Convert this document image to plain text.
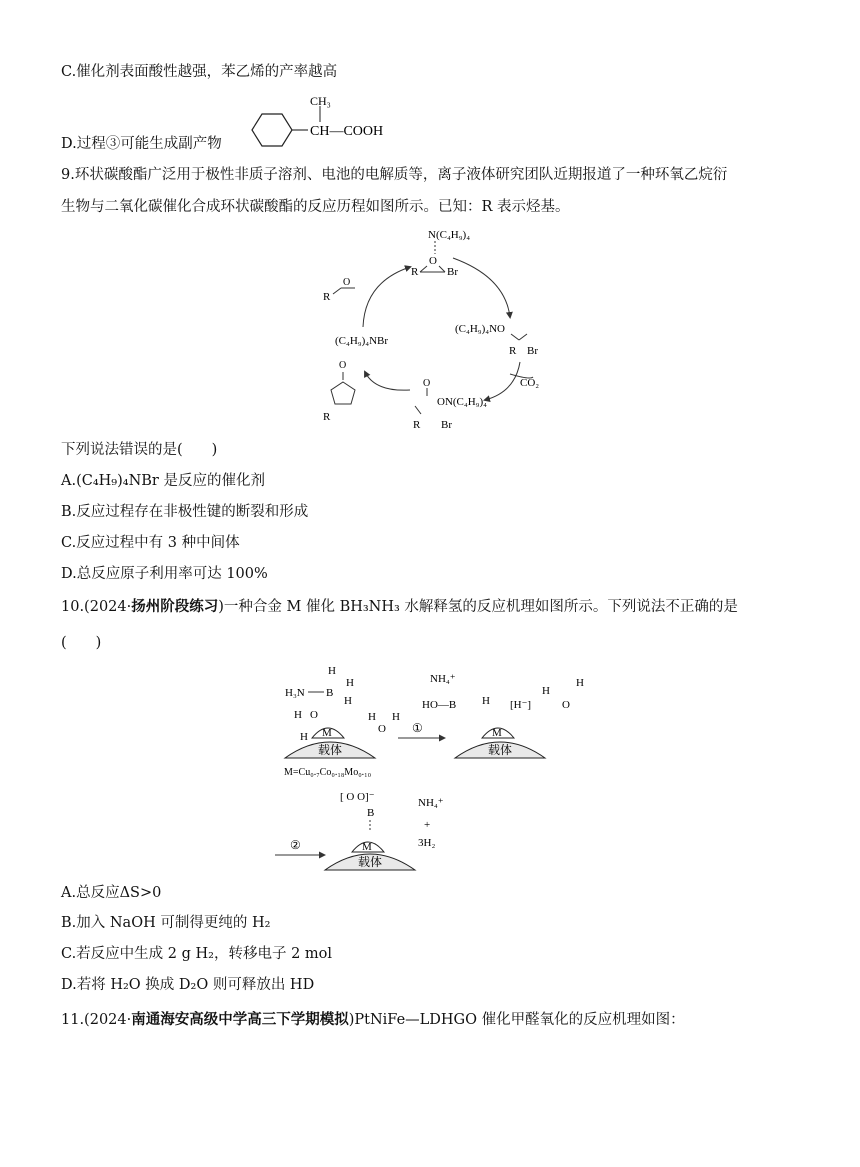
C.催化剂表面酸性越强，苯乙烯的产率越高
D.过程③可能生成副产物
CH₃
CH—COOH
9.环状碳酸酯广泛用于极性非质子溶剂、电池的电解质等，离子液体研究团队近期报道了一种环氧乙烷衍
生物与二氧化碳催化合成环状碳酸酯的反应历程如图所示。已知：R 表示烃基。
N(C₄H₉)₄
O
R	Br
R
O
(C₄H₉)₄NO
R Br
CO₂
(C₄H₉)₄NBr
O
R
O
ON(C₄H₉)₄
R Br
下列说法错误的是(　　)
A.(C₄H₉)₄NBr 是反应的催化剂
B.反应过程存在非极性键的断裂和形成
C.反应过程中有 3 种中间体
D.总反应原子利用率可达 100%
10.(2024·扬州阶段练习)一种合金 M 催化 BH₃NH₃ 水解释氢的反应机理如图所示。下列说法不正确的是
(　　)
M
载体
M=Cu₀.₇Co₀.₁₈Mo₀.₁₀
H₃N B
H
H
H
H O
H
H
O
H
①	M
载体
NH₄⁺
HO—B H [H⁻]
H
O
H
②	M
载体
[ O O]⁻
B
NH₄⁺
+
3H₂
A.总反应ΔS>0
B.加入 NaOH 可制得更纯的 H₂
C.若反应中生成 2 g H₂，转移电子 2 mol
D.若将 H₂O 换成 D₂O 则可释放出 HD
11.(2024·南通海安高级中学高三下学期模拟)PtNiFe—LDHGO 催化甲醛氧化的反应机理如图：
